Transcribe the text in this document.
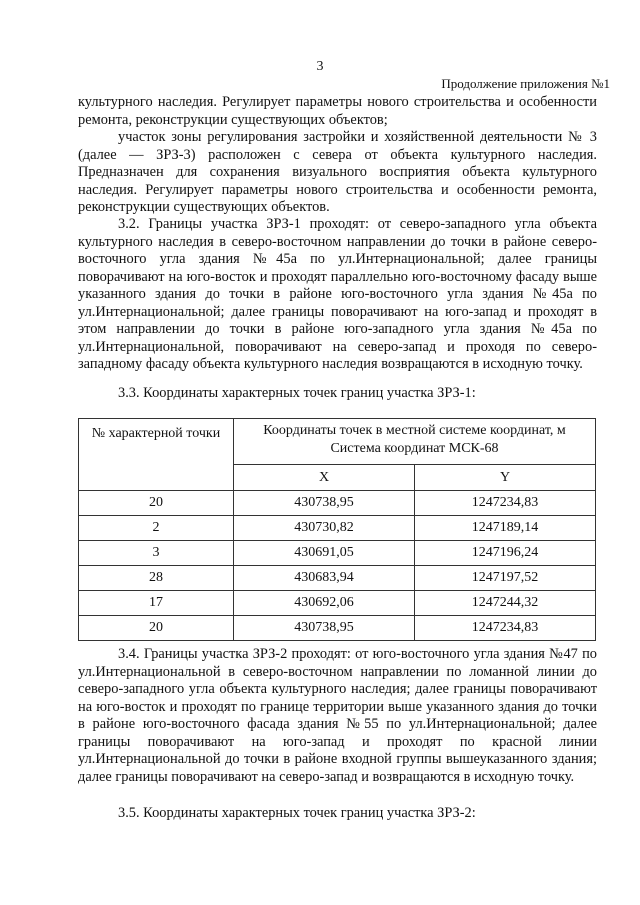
3
Продолжение приложения №1

культурного наследия. Регулирует параметры нового строительства и особенности ремонта, реконструкции существующих объектов;

участок зоны регулирования застройки и хозяйственной деятельности № 3 (далее — ЗРЗ-3) расположен с севера от объекта культурного наследия. Предназначен для сохранения визуального восприятия объекта культурного наследия. Регулирует параметры нового строительства и особенности ремонта, реконструкции существующих объектов.

3.2. Границы участка ЗРЗ-1 проходят: от северо-западного угла объекта культурного наследия в северо-восточном направлении до точки в районе северо-восточного угла здания №45а по ул.Интернациональной; далее границы поворачивают на юго-восток и проходят параллельно юго-восточному фасаду выше указанного здания до точки в районе юго-восточного угла здания №45а по ул.Интернациональной; далее границы поворачивают на юго-запад и проходят в этом направлении до точки в районе юго-западного угла здания №45а по ул.Интернациональной, поворачивают на северо-запад и проходя по северо-западному фасаду объекта культурного наследия возвращаются в исходную точку.

3.3. Координаты характерных точек границ участка ЗРЗ-1:

№ характерной точки	Координаты точек в местной системе координат, м
Система координат МСК-68	

	X	Y
20	430738,95	1247234,83
2	430730,82	1247189,14
3	430691,05	1247196,24
28	430683,94	1247197,52
17	430692,06	1247244,32
20	430738,95	1247234,83

3.4. Границы участка ЗРЗ-2 проходят: от юго-восточного угла здания №47 по ул.Интернациональной в северо-восточном направлении по ломанной линии до северо-западного угла объекта культурного наследия; далее границы поворачивают на юго-восток и проходят по границе территории выше указанного здания до точки в районе юго-восточного фасада здания №55 по ул.Интернациональной; далее границы поворачивают на юго-запад и проходят по красной линии ул.Интернациональной до точки в районе входной группы вышеуказанного здания; далее границы поворачивают на северо-запад и возвращаются в исходную точку.

3.5. Координаты характерных точек границ участка ЗРЗ-2:
